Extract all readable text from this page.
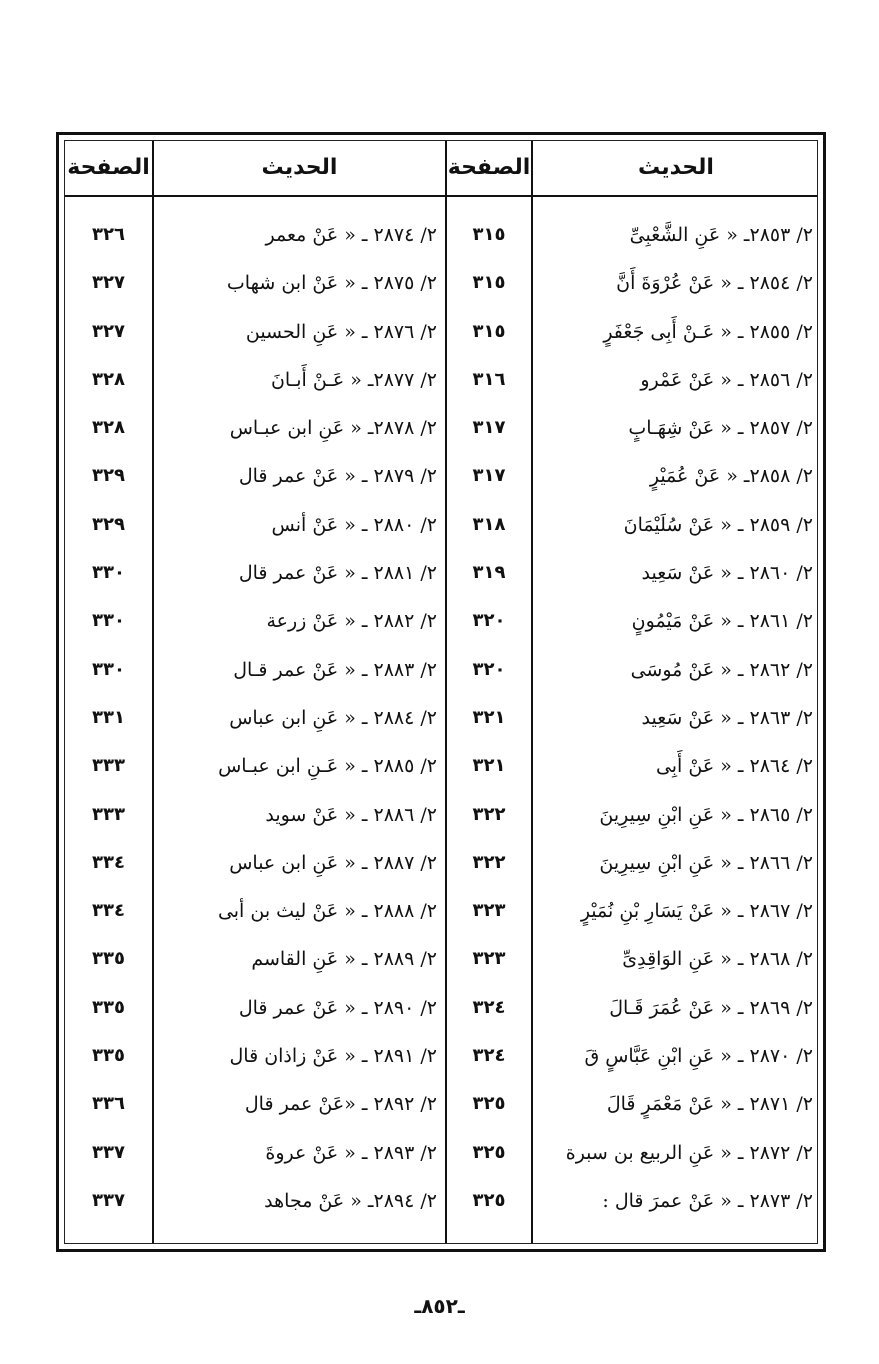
الصفحة	الحديث	الصفحة	الحديث
٣٢٦	٢/ ٢٨٧٤ ـ « عَنْ معمر	٣١٥	٢/ ٢٨٥٣ـ « عَنِ الشَّعْبِىِّ
٣٢٧	٢/ ٢٨٧٥ ـ « عَنْ ابن شهاب	٣١٥	٢/ ٢٨٥٤ ـ « عَنْ عُرْوَةَ أَنَّ
٣٢٧	٢/ ٢٨٧٦ ـ « عَنِ الحسين	٣١٥	٢/ ٢٨٥٥ ـ « عَـنْ أَبِى جَعْفَرٍ
٣٢٨	٢/ ٢٨٧٧ـ « عَـنْ أَبـانَ	٣١٦	٢/ ٢٨٥٦ ـ « عَنْ عَمْرو
٣٢٨	٢/ ٢٨٧٨ـ « عَنِ ابن عبـاس	٣١٧	٢/ ٢٨٥٧ ـ « عَنْ شِهَـابٍ
٣٢٩	٢/ ٢٨٧٩ ـ « عَنْ عمر قال	٣١٧	٢/ ٢٨٥٨ـ « عَنْ عُمَيْرٍ
٣٢٩	٢/ ٢٨٨٠ ـ « عَنْ أنس	٣١٨	٢/ ٢٨٥٩ ـ « عَنْ سُلَيْمَانَ
٣٣٠	٢/ ٢٨٨١ ـ « عَنْ عمر قال	٣١٩	٢/ ٢٨٦٠ ـ « عَنْ سَعِيد
٣٣٠	٢/ ٢٨٨٢ ـ « عَنْ زرعة	٣٢٠	٢/ ٢٨٦١ ـ « عَنْ مَيْمُونٍ
٣٣٠	٢/ ٢٨٨٣ ـ « عَنْ عمر قـال	٣٢٠	٢/ ٢٨٦٢ ـ « عَنْ مُوسَى
٣٣١	٢/ ٢٨٨٤ ـ « عَنِ ابن عباس	٣٢١	٢/ ٢٨٦٣ ـ « عَنْ سَعِيد
٣٣٣	٢/ ٢٨٨٥ ـ « عَـنِ ابن عبـاس	٣٢١	٢/ ٢٨٦٤ ـ « عَنْ أَبِى
٣٣٣	٢/ ٢٨٨٦ ـ « عَنْ سويد	٣٢٢	٢/ ٢٨٦٥ ـ « عَنِ ابْنِ سِيرِينَ
٣٣٤	٢/ ٢٨٨٧ ـ « عَنِ ابن عباس	٣٢٢	٢/ ٢٨٦٦ ـ « عَنِ ابْنِ سِيرِينَ
٣٣٤	٢/ ٢٨٨٨ ـ « عَنْ ليث بن أبى	٣٢٣	٢/ ٢٨٦٧ ـ « عَنْ يَسَارِ بْنِ نُمَيْرٍ
٣٣٥	٢/ ٢٨٨٩ ـ « عَنِ القاسم	٣٢٣	٢/ ٢٨٦٨ ـ « عَنِ الوَاقِدِىِّ
٣٣٥	٢/ ٢٨٩٠ ـ « عَنْ عمر قال	٣٢٤	٢/ ٢٨٦٩ ـ « عَنْ عُمَرَ قَـالَ
٣٣٥	٢/ ٢٨٩١ ـ « عَنْ زاذان قال	٣٢٤	٢/ ٢٨٧٠ ـ « عَنِ ابْنِ عَبَّاسٍ قَ
٣٣٦	٢/ ٢٨٩٢ ـ «عَنْ عمر قال	٣٢٥	٢/ ٢٨٧١ ـ « عَنْ مَعْمَرٍ قَالَ
٣٣٧	٢/ ٢٨٩٣ ـ « عَنْ عروةَ	٣٢٥	٢/ ٢٨٧٢ ـ « عَنِ الربيع بن سبرة
٣٣٧	٢/ ٢٨٩٤ـ « عَنْ مجاهد	٣٢٥	٢/ ٢٨٧٣ ـ « عَنْ عمرَ قال :
ـ٨٥٢ـ
